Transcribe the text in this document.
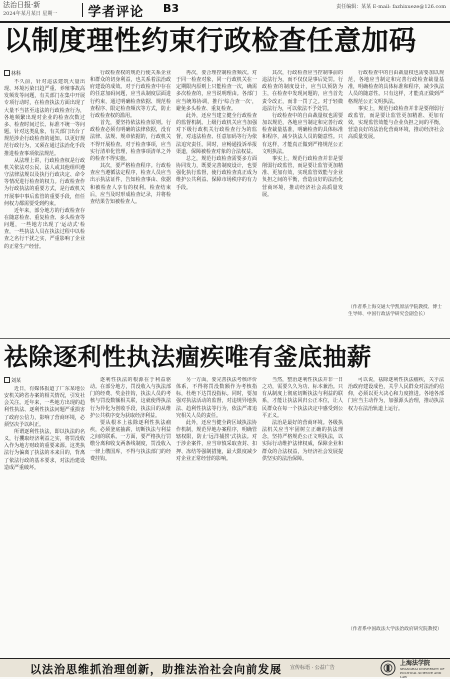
法治日报·新
2024年某月某日 星期一 学者评论 B3	责任编辑：某某 E-mail: fazhixueze@126.com
以制度理性约束行政检查任意加码
林科

不久前，针对违法建筑大量出现、环境污染日趋严重、养殖事故高发频发等问题，有关部门在集中开展专项行动时，在检查执法方面出现了大量不当甚至违法的行政检查行为，各地频繁出现对企业的检查次数过多、检查时间过长、标准不统一等问题。针对这类乱象，有关部门出台了规范涉企行政检查的通知。以更好规范行政行为，又须在通过法治化手段推进检查事项依法规范。

从法理上讲，行政检查权是行政机关依法对公民、法人或其他组织遵守法律法规以及执行行政决定、命令等情况进行检查的权力。行政检查作为行政执法的重要方式，是行政机关开展事中事后监管的重要手段，但任何权力都需要受到约束。

近年来，部分地方的行政检查存在随意检查、重复检查、多头检查等问题，一些地方出现了'运动式'检查，一些执法人员在执法过程中以检查之名行干扰之实，严重影响了企业的正常生产经营。

行政检查权的规范行使关系企业和群众的切身利益，也关系着法治政府建设的成效。对于行政检查中存在的任意加码问题，应当从制度层面进行约束，通过明确检查依据、规范检查程序、限定检查频次等方式，防止行政检查权的滥用。

首先，要坚持依法检查原则。行政检查必须有明确的法律依据，没有法律、法规、规章依据的，行政机关不得开展检查。对于检查事项，应当实行清单化管理，检查事项清单之外的检查不得实施。

其次，要严格检查程序。行政检查应当遵循法定程序，检查人员应当出示执法证件，告知检查事由、依据和被检查人享有的权利。检查结束后，应当及时形成检查记录，并将检查结果告知被检查人。

再次，要合理控制检查频次。对于同一检查对象，同一行政机关在一定期限内原则上只能检查一次，确需多次检查的，应当说明理由。各部门应当统筹协调，推行'综合查一次'，避免多头检查、重复检查。

此外，还应当建立健全行政检查的监督机制。上级行政机关应当加强对下级行政机关行政检查行为的监督，对违法检查、任意加码等行为依法追究责任。同时，应畅通投诉举报渠道，保障被检查对象的合法权益。

总之，规范行政检查需要多方面协同发力，既要完善制度设计，也要强化执行监督，使行政检查真正成为维护公共利益、保障市场秩序的有力手段。

其次，行政检查应当控制事前的违法行为，而不仅仅是事后处罚。行政检查的制度设计，应当以预防为主，在检查中发现问题的，应当首先责令改正，而非一罚了之。对于轻微违法行为，可以依法不予处罚。

行政检查中的自由裁量权也需要加以规范，各地应当制定和完善行政检查裁量基准，明确检查的具体标准和程序，减少执法人员的随意性。只有这样，才能真正做到严格规范公正文明执法。

事实上，规范行政检查并非是要削弱行政监管，而是要让监管更加精准、更加有效，实现监管效能与企业负担之间的平衡，营造良好的法治化营商环境，推动经济社会高质量发展。

行政检查中的自由裁量权也需要加以规范，各地应当制定和完善行政检查裁量基准，明确检查的具体标准和程序，减少执法人员的随意性。只有这样，才能真正做到严格规范公正文明执法。

事实上，规范行政检查并非是要削弱行政监管，而是要让监管更加精准、更加有效，实现监管效能与企业负担之间的平衡，营造良好的法治化营商环境，推动经济社会高质量发展。

（作者系上海交通大学凯原法学院教授、博士生导师、中国行政法学研究会副会长）
祛除逐利性执法痼疾唯有釜底抽薪
刘某

近日，有媒体报道了广东某地公安机关跨省办案的相关情况，引发社会关注。近年来，一些地方出现的趋利性执法、逐利性执法问题严重损害了政府公信力，影响了营商环境，必须坚决予以纠正。

所谓逐利性执法，即以执法的名义，行攫取经济利益之实，将罚没收入作为地方财政的重要来源。这类执法行为偏离了执法的本来目的，背离了依法行政的基本要求，对法治建设造成严重破坏。

逐利性执法的根源在于利益驱动。在部分地方，罚没收入与执法部门的经费、奖金挂钩，执法人员的考核与罚没数额相关联，这就使得执法行为异化为创收手段，执法目的从维护公共秩序变为获取经济利益。

要从根本上祛除逐利性执法痼疾，必须釜底抽薪，切断执法与利益之间的联系。一方面，要严格执行罚缴分离和收支两条线制度，罚没收入一律上缴国库，不得与执法部门的经费挂钩。

另一方面，要完善执法考核评价体系，不得将罚没数额作为考核指标，杜绝下达罚没指标。同时，要加强对执法活动的监督，对违规异地执法、趋利性执法等行为，依法严肃追究相关人员的责任。

此外，还应当健全跨区域执法协作机制，规范异地办案程序，明确管辖权限，防止'远洋捕捞'式执法。对于涉企案件，应当审慎采取查封、扣押、冻结等强制措施，最大限度减少对企业正常经营的影响。

当然，整治逐利性执法并非一日之功，需要久久为功、标本兼治。只有从制度上彻底切断执法与利益的联系，才能让执法回归公正本位，让人民群众在每一个执法决定中感受到公平正义。

法治是最好的营商环境。各级执法机关应当牢固树立正确的执法理念，坚持严格规范公正文明执法，以实际行动维护法律权威，保障企业和群众的合法权益，为经济社会发展提供坚实的法治保障。

可以说，祛除逐利性执法痼疾，关乎法治政府建设成色，关乎人民群众对法治的信仰，必须以更大决心和力度推进。各地各部门应当主动作为，加强源头治理，推动执法权力在法治轨道上运行。

（作者系中国政法大学法治政府研究院教授）
以法治思维抓治理创新，助推法治社会向前发展 宣传标语 · 公益广告
上海法学院
SHANGHAI UNIVERSITY OF POLITICAL SCIENCE AND LAW
